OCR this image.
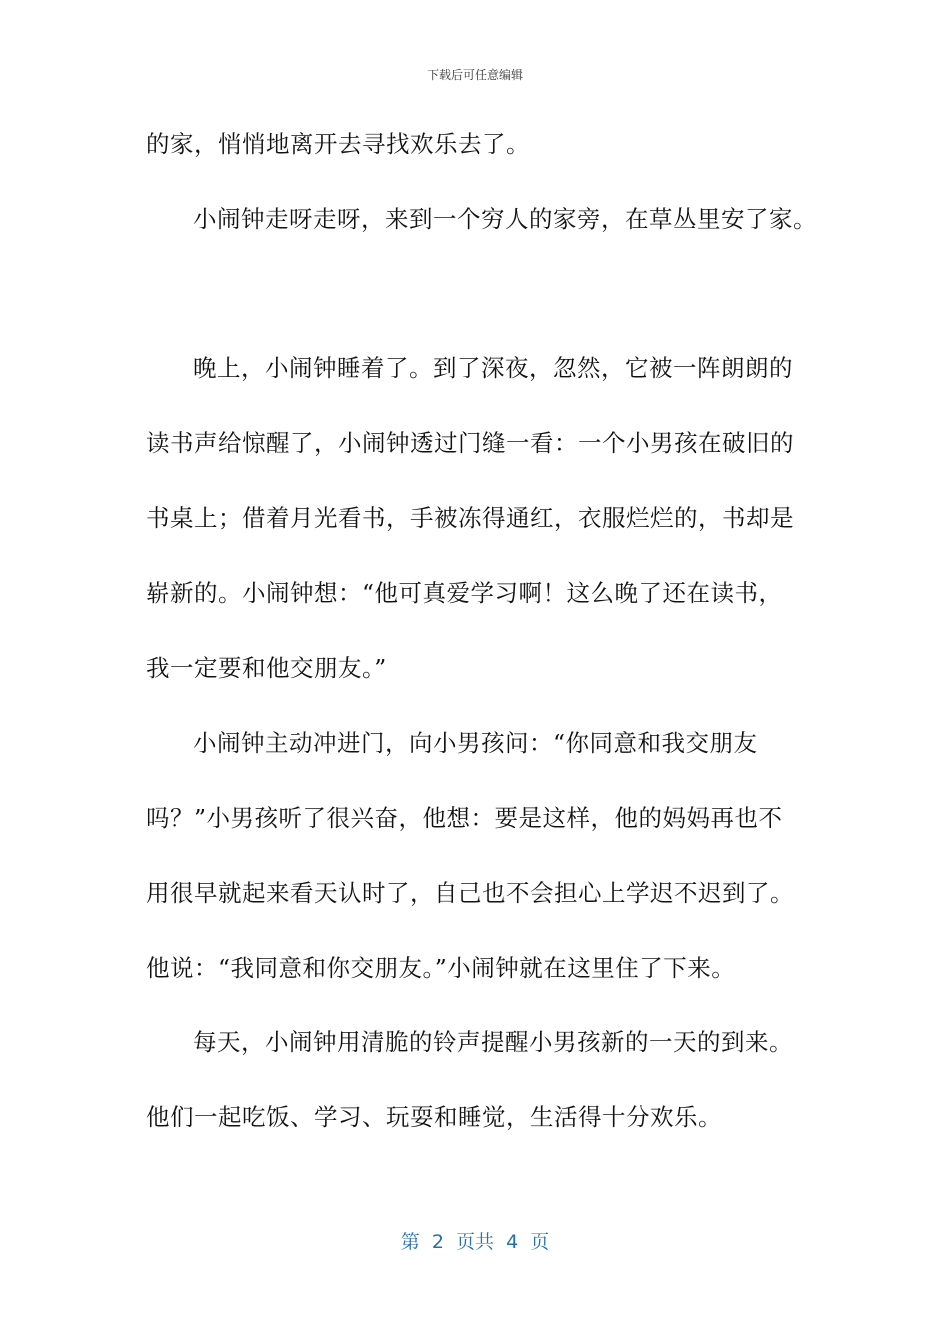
下载后可任意编辑
的家，悄悄地离开去寻找欢乐去了。
小闹钟走呀走呀，来到一个穷人的家旁，在草丛里安了家。
晚上，小闹钟睡着了。到了深夜，忽然，它被一阵朗朗的
读书声给惊醒了，小闹钟透过门缝一看：一个小男孩在破旧的
书桌上；借着月光看书，手被冻得通红，衣服烂烂的，书却是
崭新的。小闹钟想：“他可真爱学习啊！这么晚了还在读书，
我一定要和他交朋友。”
小闹钟主动冲进门，向小男孩问：“你同意和我交朋友
吗？”小男孩听了很兴奋，他想：要是这样，他的妈妈再也不
用很早就起来看天认时了，自己也不会担心上学迟不迟到了。
他说：“我同意和你交朋友。”小闹钟就在这里住了下来。
每天，小闹钟用清脆的铃声提醒小男孩新的一天的到来。
他们一起吃饭、学习、玩耍和睡觉，生活得十分欢乐。
第  2  页共  4  页
